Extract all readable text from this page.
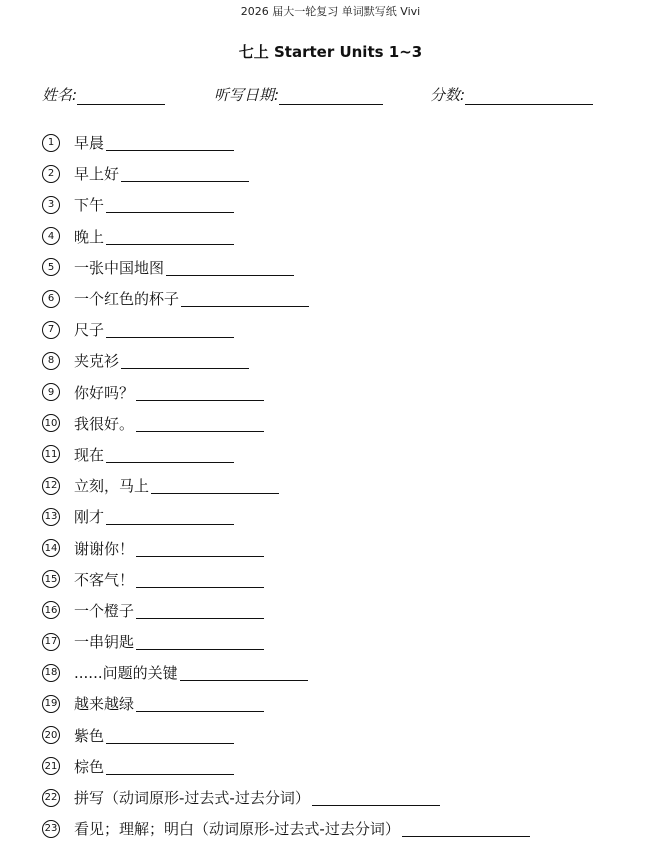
2026 届大一轮复习 单词默写纸 Vivi
七上 Starter Units 1~3
姓名:	听写日期:	分数:
1	早晨
2	早上好
3	下午
4	晚上
5	一张中国地图
6	一个红色的杯子
7	尺子
8	夹克衫
9	你好吗？
10 我很好。
11 现在
12 立刻，马上
13 刚才
14 谢谢你！
15 不客气！
16 一个橙子
17 一串钥匙
18 ......问题的关键
19 越来越绿
20 紫色
21 棕色
22 拼写（动词原形-过去式-过去分词）
23 看见；理解；明白（动词原形-过去式-过去分词）
